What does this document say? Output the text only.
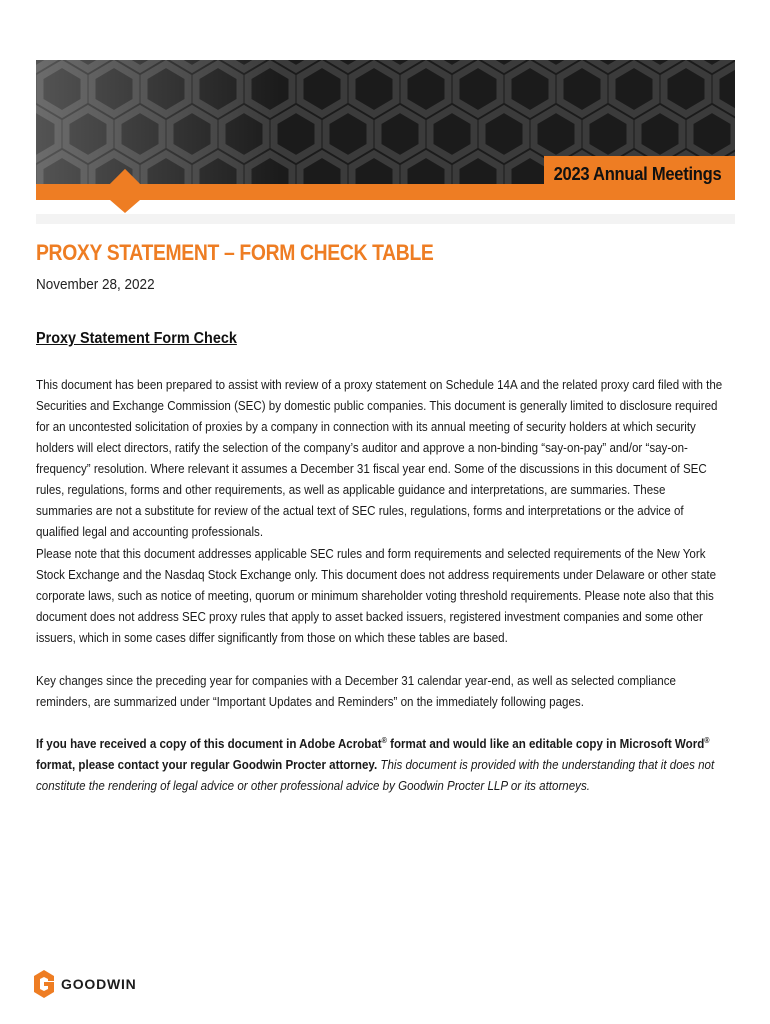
2023 Annual Meetings
PROXY STATEMENT – FORM CHECK TABLE
November 28, 2022
Proxy Statement Form Check

This document has been prepared to assist with review of a proxy statement on Schedule 14A and the related proxy card filed with the Securities and Exchange Commission (SEC) by domestic public companies. This document is generally limited to disclosure required for an uncontested solicitation of proxies by a company in connection with its annual meeting of security holders at which security holders will elect directors, ratify the selection of the company’s auditor and approve a non-binding “say-on-pay” and/or “say-on-frequency” resolution. Where relevant it assumes a December 31 fiscal year end. Some of the discussions in this document of SEC rules, regulations, forms and other requirements, as well as applicable guidance and interpretations, are summaries. These summaries are not a substitute for review of the actual text of SEC rules, regulations, forms and interpretations or the advice of qualified legal and accounting professionals.

Please note that this document addresses applicable SEC rules and form requirements and selected requirements of the New York Stock Exchange and the Nasdaq Stock Exchange only. This document does not address requirements under Delaware or other state corporate laws, such as notice of meeting, quorum or minimum shareholder voting threshold requirements. Please note also that this document does not address SEC proxy rules that apply to asset backed issuers, registered investment companies and some other issuers, which in some cases differ significantly from those on which these tables are based.

Key changes since the preceding year for companies with a December 31 calendar year-end, as well as selected compliance reminders, are summarized under “Important Updates and Reminders” on the immediately following pages.

If you have received a copy of this document in Adobe Acrobat® format and would like an editable copy in Microsoft Word® format, please contact your regular Goodwin Procter attorney. This document is provided with the understanding that it does not constitute the rendering of legal advice or other professional advice by Goodwin Procter LLP or its attorneys.

GOODWIN
